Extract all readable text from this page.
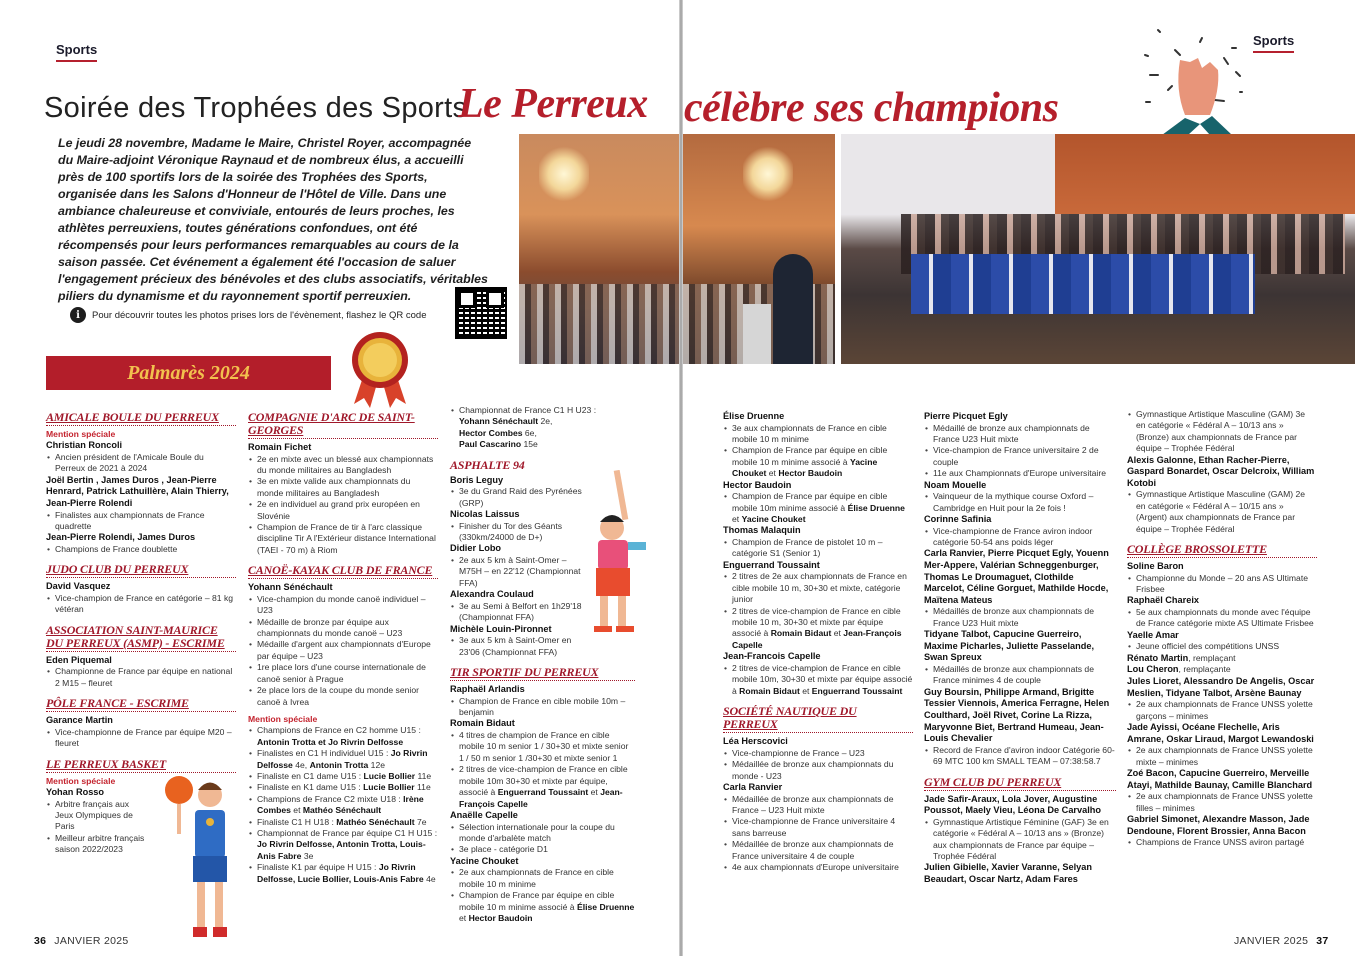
Sports
Sports
Soirée des Trophées des Sports
Le Perreux célèbre ses champions
Le jeudi 28 novembre, Madame le Maire, Christel Royer, accompagnée du Maire-adjoint Véronique Raynaud et de nombreux élus, a accueilli près de 100 sportifs lors de la soirée des Trophées des Sports, organisée dans les Salons d'Honneur de l'Hôtel de Ville. Dans une ambiance chaleureuse et conviviale, entourés de leurs proches, les athlètes perreuxiens, toutes générations confondues, ont été récompensés pour leurs performances remarquables au cours de la saison passée. Cet événement a également été l'occasion de saluer l'engagement précieux des bénévoles et des clubs associatifs, véritables piliers du dynamisme et du rayonnement sportif perreuxien.
i	Pour découvrir toutes les photos prises lors de l'évènement, flashez le QR code
Palmarès 2024
AMICALE BOULE DU PERREUX
Mention spéciale
Christian Roncoli
• Ancien président de l'Amicale Boule du Perreux de 2021 à 2024
Joël Bertin , James Duros , Jean-Pierre Henrard, Patrick Lathuillère, Alain Thierry, Jean-Pierre Rolendi
• Finalistes aux championnats de France quadrette
Jean-Pierre Rolendi, James Duros
• Champions de France doublette
JUDO CLUB DU PERREUX
David Vasquez
• Vice-champion de France en catégorie – 81 kg vétéran
ASSOCIATION SAINT-MAURICE DU PERREUX (ASMP) - ESCRIME
Eden Piquemal
• Championne de France par équipe en national 2 M15 – fleuret
PÔLE FRANCE - ESCRIME
Garance Martin
• Vice-championne de France par équipe M20 – fleuret
LE PERREUX BASKET
Mention spéciale
Yohan Rosso
• Arbitre français aux Jeux Olympiques de Paris
• Meilleur arbitre français saison 2022/2023
COMPAGNIE D'ARC DE SAINT-GEORGES
Romain Fichet
• 2e en mixte avec un blessé aux championnats du monde militaires au Bangladesh
• 3e en mixte valide aux championnats du monde militaires au Bangladesh
• 2e en individuel au grand prix européen en Slovénie
• Champion de France de tir à l'arc classique discipline Tir A l'Extérieur distance International (TAEI - 70 m) à Riom
CANOË-KAYAK CLUB DE FRANCE
Yohann Sénéchault
• Vice-champion du monde canoë individuel – U23
• Médaille de bronze par équipe aux championnats du monde canoë – U23
• Médaille d'argent aux championnats d'Europe par équipe – U23
• 1re place lors d'une course internationale de canoë senior à Prague
• 2e place lors de la coupe du monde senior canoë à Ivrea
Mention spéciale
• Champions de France en C2 homme U15 : Antonin Trotta et Jo Rivrin Delfosse
• Finalistes en C1 H individuel U15 : Jo Rivrin Delfosse 4e, Antonin Trotta 12e
• Finaliste en C1 dame U15 : Lucie Bollier 11e
• Finaliste en K1 dame U15 : Lucie Bollier 11e
• Champions de France C2 mixte U18 : Irène Combes et Mathéo Sénéchault
• Finaliste C1 H U18 : Mathéo Sénéchault 7e
• Championnat de France par équipe C1 H U15 : Jo Rivrin Delfosse, Antonin Trotta, Louis-Anis Fabre 3e
• Finaliste K1 par équipe H U15 : Jo Rivrin Delfosse, Lucie Bollier, Louis-Anis Fabre 4e
• Championnat de France C1 H U23 :
Yohann Sénéchault 2e,
Hector Combes 6e,
Paul Cascarino 15e
ASPHALTE 94
Boris Leguy
• 3e du Grand Raid des Pyrénées (GRP)
Nicolas Laissus
• Finisher du Tor des Géants (330km/24000 de D+)
Didier Lobo
• 2e aux 5 km à Saint-Omer – M75H – en 22'12 (Championnat FFA)
Alexandra Coulaud
• 3e au Semi à Belfort en 1h29'18 (Championnat FFA)
Michèle Louin-Pironnet
• 3e aux 5 km à Saint-Omer en 23'06 (Championnat FFA)
TIR SPORTIF DU PERREUX
Raphaël Arlandis
• Champion de France en cible mobile 10m – benjamin
Romain Bidaut
• 4 titres de champion de France en cible mobile 10 m senior 1 / 30+30 et mixte senior 1 / 50 m senior 1 /30+30 et mixte senior 1
• 2 titres de vice-champion de France en cible mobile 10m 30+30 et mixte par équipe, associé à Enguerrand Toussaint et Jean-François Capelle
Anaëlle Capelle
• Sélection internationale pour la coupe du monde d'arbalète match
• 3e place - catégorie D1
Yacine Chouket
• 2e aux championnats de France en cible mobile 10 m minime
• Champion de France par équipe en cible mobile 10 m minime associé à Élise Druenne et Hector Baudoin
Élise Druenne
• 3e aux championnats de France en cible mobile 10 m minime
• Champion de France par équipe en cible mobile 10 m minime associé à Yacine Chouket et Hector Baudoin
Hector Baudoin
• Champion de France par équipe en cible mobile 10m minime associé à Élise Druenne et Yacine Chouket
Thomas Malaquin
• Champion de France de pistolet 10 m – catégorie S1 (Senior 1)
Enguerrand Toussaint
• 2 titres de 2e aux championnats de France en cible mobile 10 m, 30+30 et mixte, catégorie junior
• 2 titres de vice-champion de France en cible mobile 10 m, 30+30 et mixte par équipe associé à Romain Bidaut et Jean-François Capelle
Jean-Francois Capelle
• 2 titres de vice-champion de France en cible mobile 10m, 30+30 et mixte par équipe associé à Romain Bidaut et Enguerrand Toussaint
SOCIÉTÉ NAUTIQUE DU PERREUX
Léa Herscovici
• Vice-championne de France – U23
• Médaillée de bronze aux championnats du monde - U23
Carla Ranvier
• Médaillée de bronze aux championnats de France – U23 Huit mixte
• Vice-championne de France universitaire 4 sans barreuse
• Médaillée de bronze aux championnats de France universitaire 4 de couple
• 4e aux championnats d'Europe universitaire
Pierre Picquet Egly
• Médaillé de bronze aux championnats de France U23 Huit mixte
• Vice-champion de France universitaire 2 de couple
• 11e aux Championnats d'Europe universitaire
Noam Mouelle
• Vainqueur de la mythique course Oxford – Cambridge en Huit pour la 2e fois !
Corinne Safinia
• Vice-championne de France aviron indoor catégorie 50-54 ans poids léger
Carla Ranvier, Pierre Picquet Egly, Youenn Mer-Appere, Valérian Schneggenburger, Thomas Le Droumaguet, Clothilde Marcelot, Céline Gorguet, Mathilde Hocde, Maïtena Mateus
• Médaillés de bronze aux championnats de France U23 Huit mixte
Tidyane Talbot, Capucine Guerreiro, Maxime Picharles, Juliette Passelande, Swan Spreux
• Médaillés de bronze aux championnats de France minimes 4 de couple
Guy Boursin, Philippe Armand, Brigitte Tessier Viennois, America Ferragne, Helen Coulthard, Joël Rivet, Corine La Rizza, Maryvonne Biet, Bertrand Humeau, Jean-Louis Chevalier
• Record de France d'aviron indoor Catégorie 60-69 MTC 100 km SMALL TEAM – 07:38:58.7
GYM CLUB DU PERREUX
Jade Safir-Araux, Lola Jover, Augustine Poussot, Maely Vieu, Léona De Carvalho
• Gymnastique Artistique Féminine (GAF) 3e en catégorie « Fédéral A – 10/13 ans » (Bronze) aux championnats de France par équipe – Trophée Fédéral
Julien Gibielle, Xavier Varanne, Selyan Beaudart, Oscar Nartz, Adam Fares
• Gymnastique Artistique Masculine (GAM) 3e en catégorie « Fédéral A – 10/13 ans » (Bronze) aux championnats de France par équipe – Trophée Fédéral
Alexis Galonne, Ethan Racher-Pierre, Gaspard Bonardet, Oscar Delcroix, William Kotobi
• Gymnastique Artistique Masculine (GAM) 2e en catégorie « Fédéral A – 10/15 ans » (Argent) aux championnats de France par équipe – Trophée Fédéral
COLLÈGE BROSSOLETTE
Soline Baron
• Championne du Monde – 20 ans AS Ultimate Frisbee
Raphaël Chareix
• 5e aux championnats du monde avec l'équipe de France catégorie mixte AS Ultimate Frisbee
Yaelle Amar
• Jeune officiel des compétitions UNSS
Rénato Martin, remplaçant
Lou Cheron, remplaçante
Jules Lioret, Alessandro De Angelis, Oscar Meslien, Tidyane Talbot, Arsène Baunay
• 2e aux championnats de France UNSS yolette garçons – minimes
Jade Ayissi, Océane Flechelle, Aris Amrane, Oskar Liraud, Margot Lewandoski
• 2e aux championnats de France UNSS yolette mixte – minimes
Zoé Bacon, Capucine Guerreiro, Merveille Atayi, Mathilde Baunay, Camille Blanchard
• 2e aux championnats de France UNSS yolette filles – minimes
Gabriel Simonet, Alexandre Masson, Jade Dendoune, Florent Brossier, Anna Bacon
• Champions de France UNSS aviron partagé
36 JANVIER 2025	JANVIER 2025 37
